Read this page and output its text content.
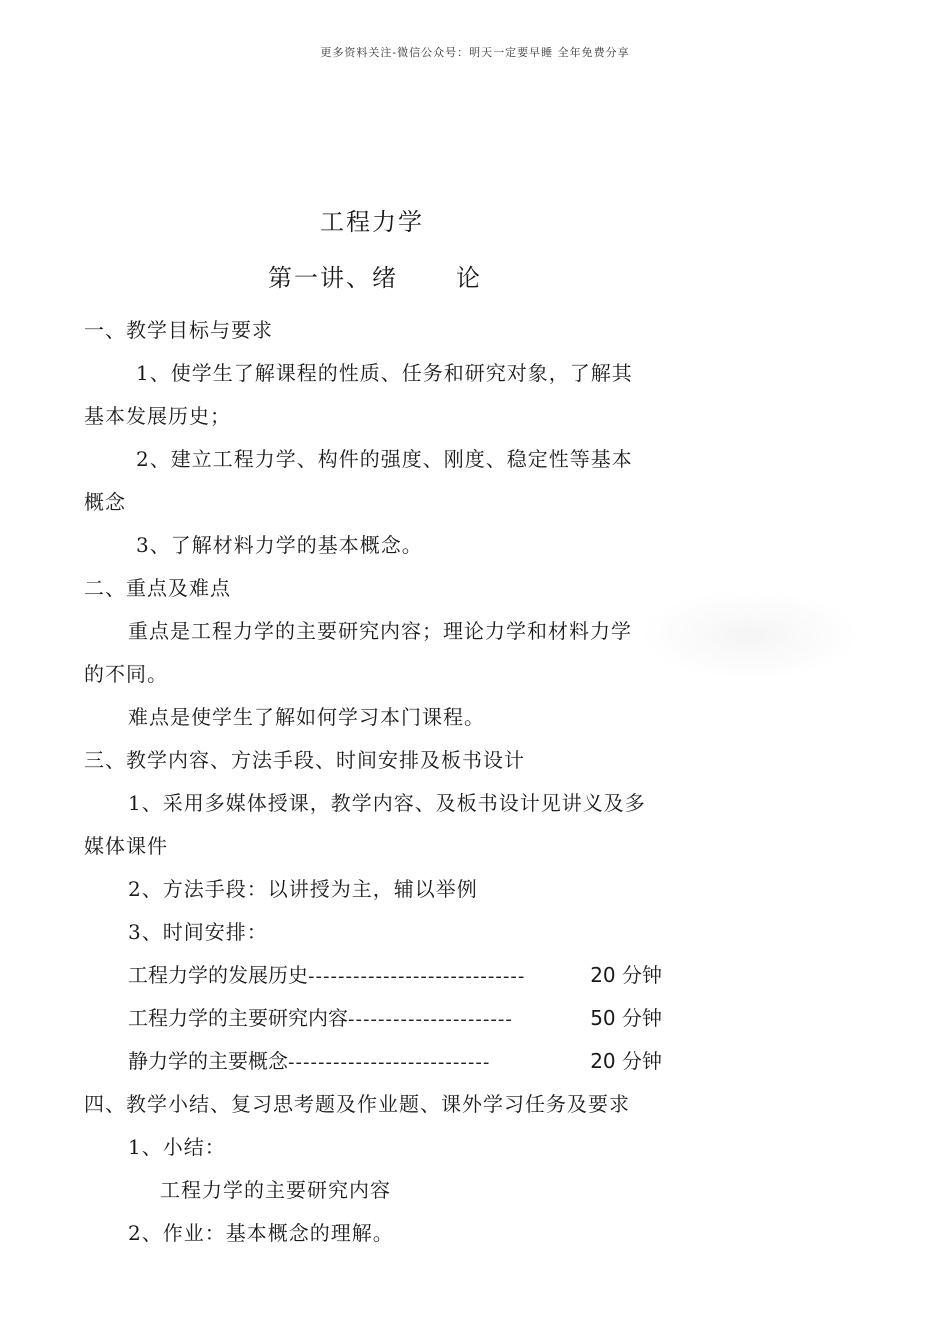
更多资料关注-微信公众号：明天一定要早睡 全年免费分享
工程力学
第一讲、绪 论
一、教学目标与要求
1、使学生了解课程的性质、任务和研究对象，了解其
基本发展历史；
2、建立工程力学、构件的强度、刚度、稳定性等基本
概念
3、了解材料力学的基本概念。
二、重点及难点
重点是工程力学的主要研究内容；理论力学和材料力学
的不同。
难点是使学生了解如何学习本门课程。
三、教学内容、方法手段、时间安排及板书设计
1、采用多媒体授课，教学内容、及板书设计见讲义及多
媒体课件
2、方法手段：以讲授为主，辅以举例
3、时间安排：
工程力学的发展历史 -----------------------------	20 分钟
工程力学的主要研究内容 ----------------------	50 分钟
静力学的主要概念 ---------------------------	20 分钟
四、教学小结、复习思考题及作业题、课外学习任务及要求
1、小结：
工程力学的主要研究内容
2、作业：基本概念的理解。
